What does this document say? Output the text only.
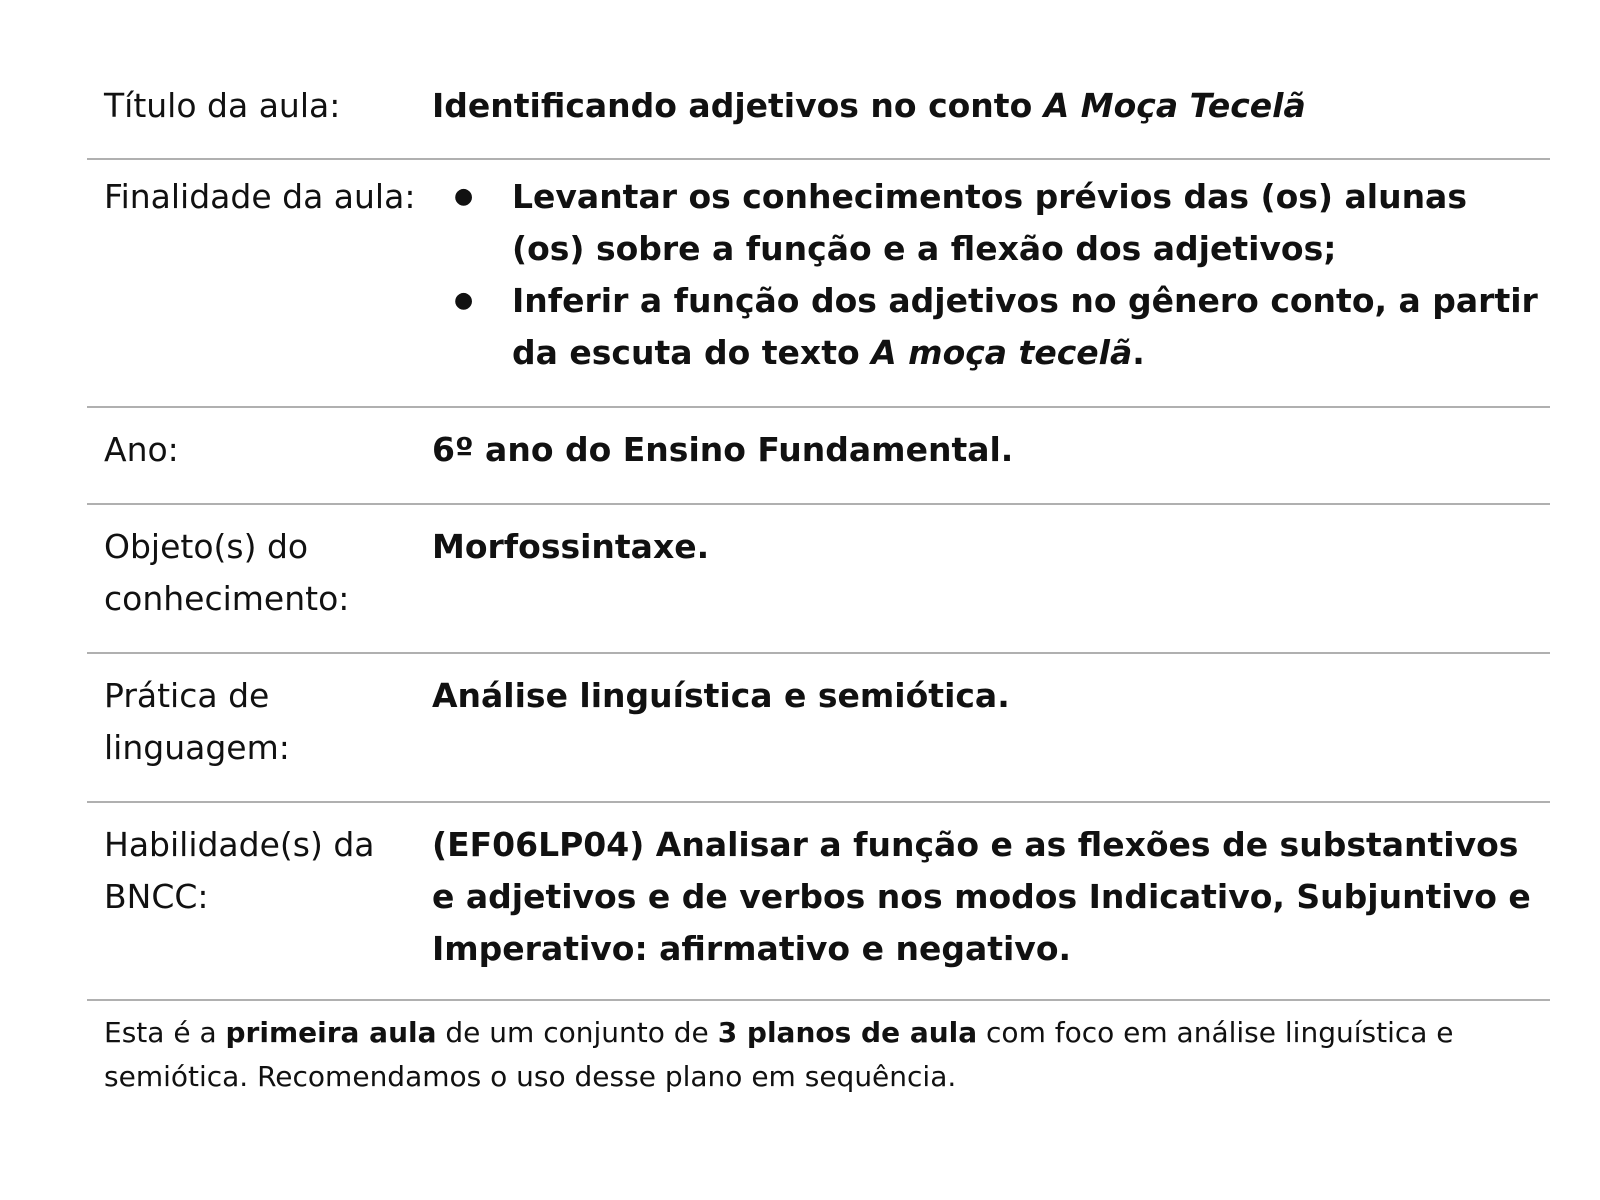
Título da aula:	Identificando adjetivos no conto A Moça Tecelã
Finalidade da aula:	● Levantar os conhecimentos prévios das (os) alunas (os) sobre a função e a flexão dos adjetivos;
● Inferir a função dos adjetivos no gênero conto, a partir da escuta do texto A moça tecelã.
Ano:	6º ano do Ensino Fundamental.
Objeto(s) do conhecimento:
Morfossintaxe.
Prática de linguagem:
Análise linguística e semiótica.
Habilidade(s) da BNCC:
(EF06LP04) Analisar a função e as flexões de substantivos e adjetivos e de verbos nos modos Indicativo, Subjuntivo e Imperativo: afirmativo e negativo.
Esta é a primeira aula de um conjunto de 3 planos de aula com foco em análise linguística e semiótica. Recomendamos o uso desse plano em sequência.
